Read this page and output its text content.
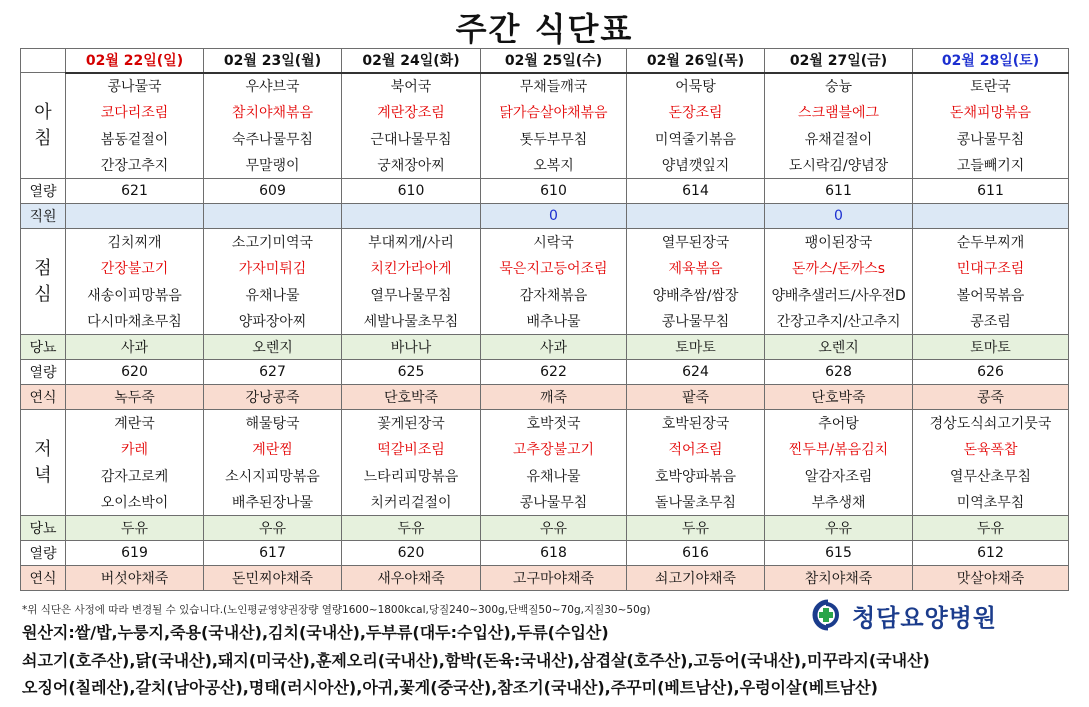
주간 식단표
	02월 22일(일)	02월 23일(월)	02월 24일(화)	02월 25일(수)	02월 26일(목)	02월 27일(금)	02월 28일(토)

아
침	콩나물국	우샤브국	북어국	무채들깨국	어묵탕	숭늉	토란국
	코다리조림	참치야채볶음	계란장조림	닭가슴살야채볶음	돈장조림	스크램블에그	돈채피망볶음
	봄동겉절이	숙주나물무침	근대나물무침	톳두부무침	미역줄기볶음	유채겉절이	콩나물무침
	간장고추지	무말랭이	궁채장아찌	오복지	양념깻잎지	도시락김/양념장	고들빼기지
열량	621	609	610	610	614	611	611
직원				0		0	

점
심	김치찌개	소고기미역국	부대찌개/사리	시락국	열무된장국	팽이된장국	순두부찌개
	간장불고기	가자미튀김	치킨가라아게	묵은지고등어조림	제육볶음	돈까스/돈까스s	민대구조림
	새송이피망볶음	유채나물	열무나물무침	감자채볶음	양배추쌈/쌈장	양배추샐러드/사우전D	볼어묵볶음
	다시마채초무침	양파장아찌	세발나물초무침	배추나물	콩나물무침	간장고추지/산고추지	콩조림
당뇨	사과	오렌지	바나나	사과	토마토	오렌지	토마토
열량	620	627	625	622	624	628	626
연식	녹두죽	강낭콩죽	단호박죽	깨죽	팥죽	단호박죽	콩죽

저
녁	계란국	해물탕국	꽃게된장국	호박젓국	호박된장국	추어탕	경상도식쇠고기뭇국
	카레	계란찜	떡갈비조림	고추장불고기	적어조림	찐두부/볶음김치	돈육폭찹
	감자고로케	소시지피망볶음	느타리피망볶음	유채나물	호박양파볶음	알감자조림	열무산초무침
	오이소박이	배추된장나물	치커리겉절이	콩나물무침	돌나물초무침	부추생채	미역초무침
당뇨	두유	우유	두유	우유	두유	우유	두유
열량	619	617	620	618	616	615	612
연식	버섯야채죽	돈민찌야채죽	새우야채죽	고구마야채죽	쇠고기야채죽	참치야채죽	맛살야채죽
*위 식단은 사정에 따라 변경될 수 있습니다.(노인평균영양권장량 열량1600~1800kcal,당질240~300g,단백질50~70g,지질30~50g)	청담요양병원
원산지:쌀/밥,누룽지,죽용(국내산),김치(국내산),두부류(대두:수입산),두류(수입산)
쇠고기(호주산),닭(국내산),돼지(미국산),훈제오리(국내산),함박(돈육:국내산),삼겹살(호주산),고등어(국내산),미꾸라지(국내산)
오징어(칠레산),갈치(남아공산),명태(러시아산),아귀,꽃게(중국산),참조기(국내산),주꾸미(베트남산),우렁이살(베트남산)
